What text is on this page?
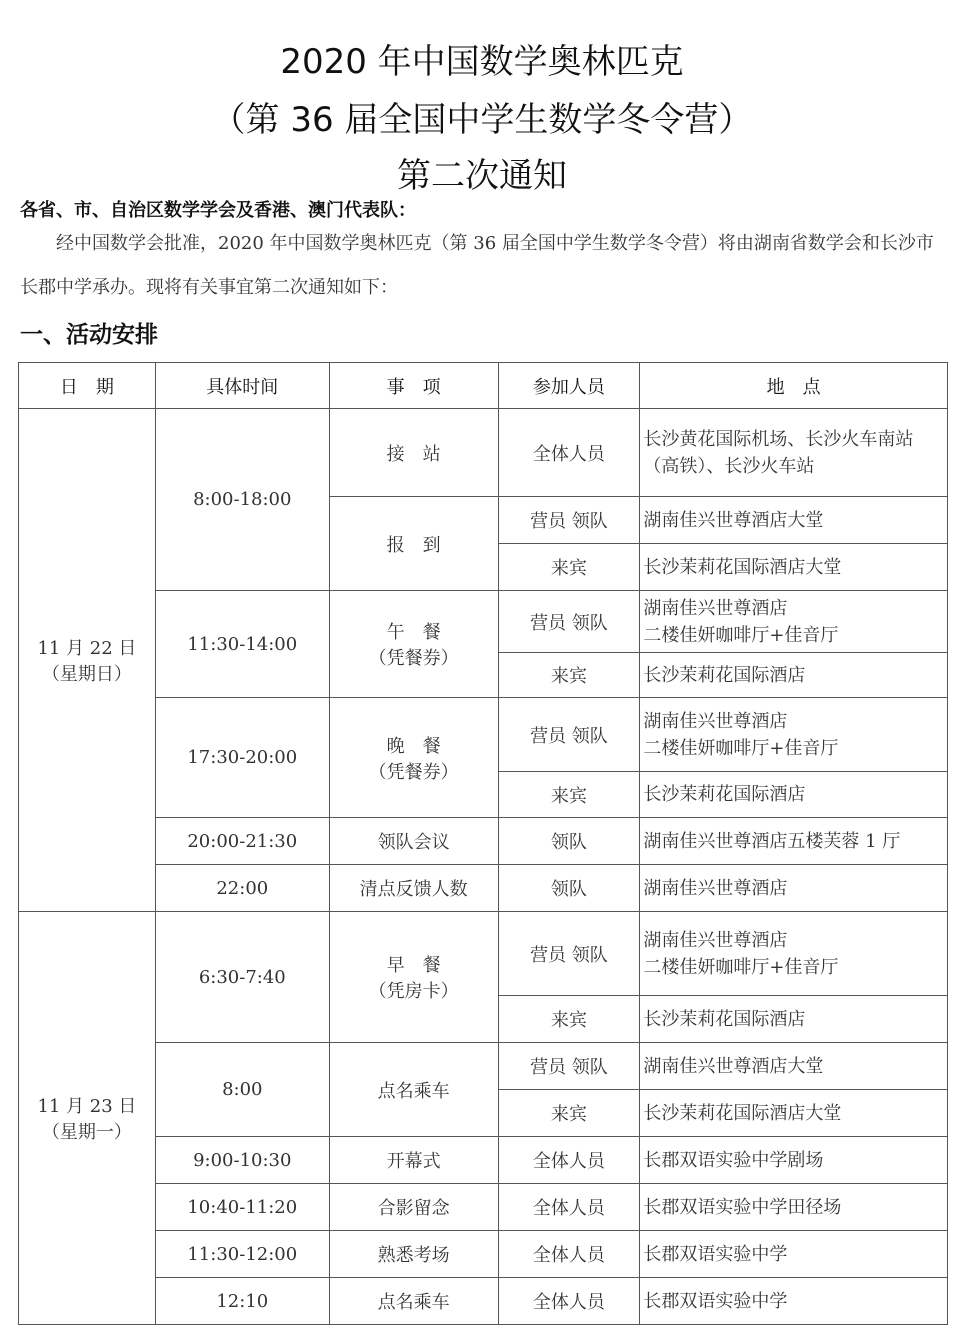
2020 年中国数学奥林匹克
（第 36 届全国中学生数学冬令营）
第二次通知
各省、市、自治区数学学会及香港、澳门代表队：
经中国数学会批准，2020 年中国数学奥林匹克（第 36 届全国中学生数学冬令营）将由湖南省数学会和长沙市长郡中学承办。现将有关事宜第二次通知如下：
一、活动安排
日　期	具体时间	事　项	参加人员	地　点

11 月 22 日
（星期日）	8:00-18:00	接　站	全体人员	长沙黄花国际机场、长沙火车南站（高铁）、长沙火车站
		报　到	营员 领队	湖南佳兴世尊酒店大堂
			来宾	长沙茉莉花国际酒店大堂
	11:30-14:00	午　餐
（凭餐券）	营员 领队	湖南佳兴世尊酒店
二楼佳妍咖啡厅+佳音厅

			来宾	长沙茉莉花国际酒店
	17:30-20:00	晚　餐
（凭餐券）	营员 领队	湖南佳兴世尊酒店
二楼佳妍咖啡厅+佳音厅

			来宾	长沙茉莉花国际酒店
	20:00-21:30	领队会议	领队	湖南佳兴世尊酒店五楼芙蓉 1 厅
	22:00	清点反馈人数	领队	湖南佳兴世尊酒店

11 月 23 日
（星期一）	6:30-7:40	早　餐
（凭房卡）	营员 领队	湖南佳兴世尊酒店
二楼佳妍咖啡厅+佳音厅

			来宾	长沙茉莉花国际酒店
	8:00	点名乘车	营员 领队	湖南佳兴世尊酒店大堂
			来宾	长沙茉莉花国际酒店大堂
	9:00-10:30	开幕式	全体人员	长郡双语实验中学剧场
	10:40-11:20	合影留念	全体人员	长郡双语实验中学田径场
	11:30-12:00	熟悉考场	全体人员	长郡双语实验中学
	12:10	点名乘车	全体人员	长郡双语实验中学
